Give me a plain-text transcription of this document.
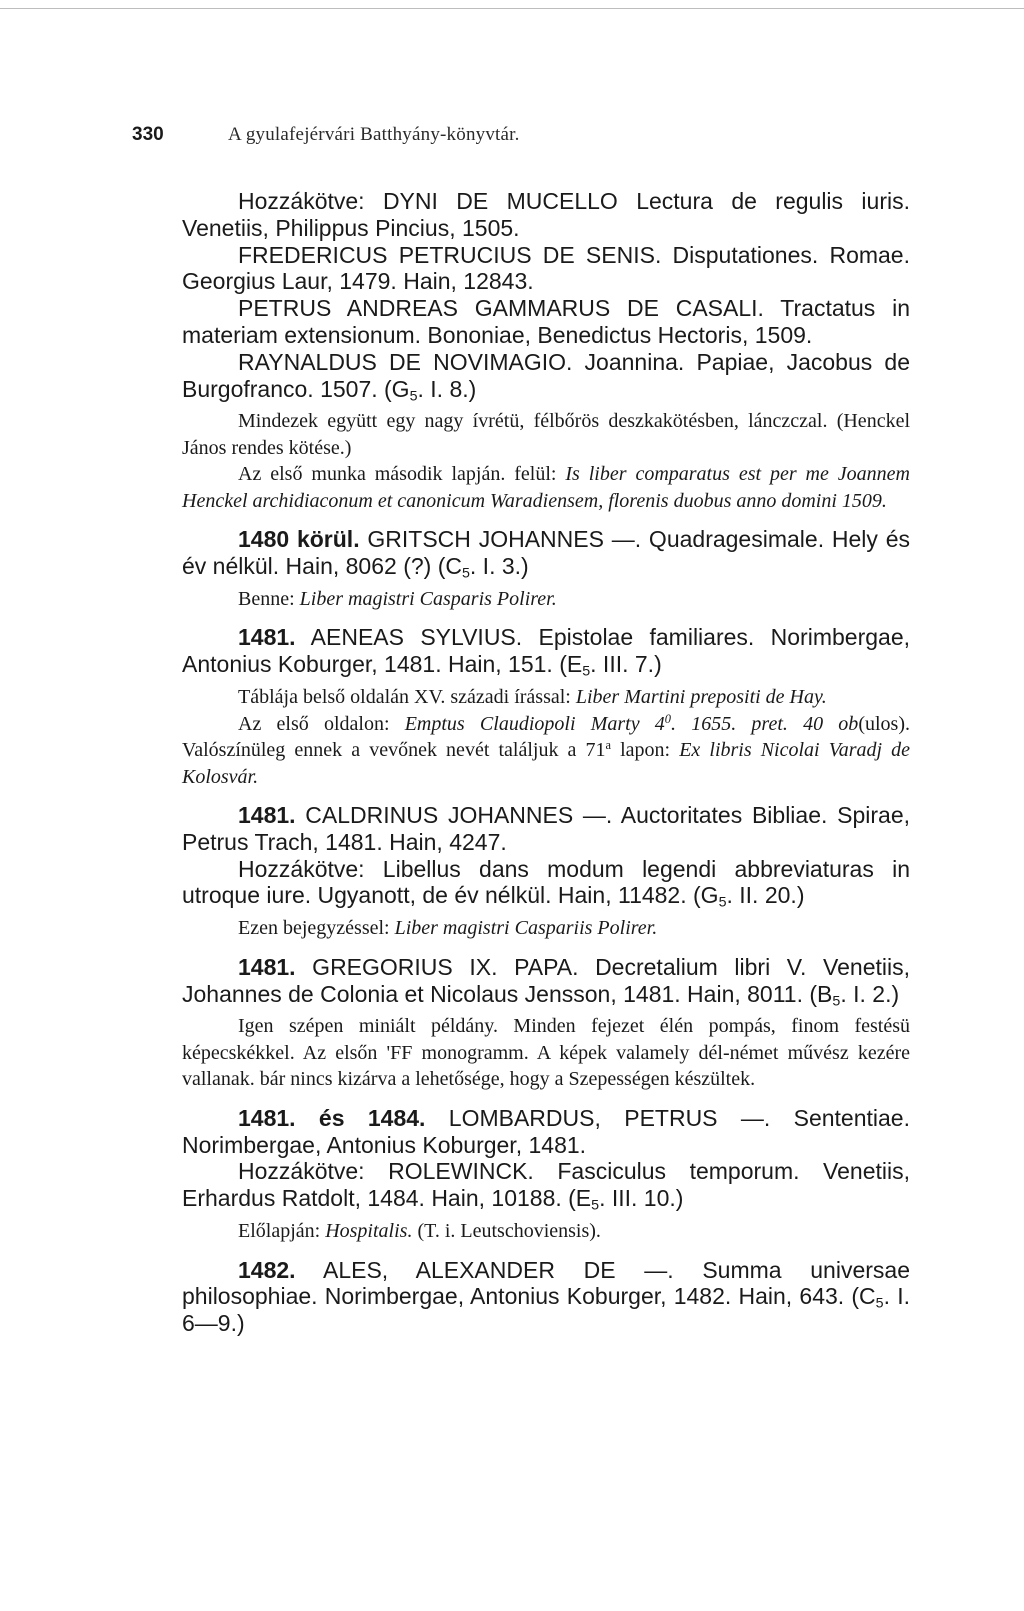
330	A gyulafejérvári Batthyány-könyvtár.

Hozzákötve: DYNI DE MUCELLO Lectura de regulis iuris. Venetiis, Philippus Pincius, 1505.

FREDERICUS PETRUCIUS DE SENIS. Disputationes. Romae. Georgius Laur, 1479. Hain, 12843.

PETRUS ANDREAS GAMMARUS DE CASALI. Tractatus in materiam extensionum. Bononiae, Benedictus Hectoris, 1509.

RAYNALDUS DE NOVIMAGIO. Joannina. Papiae, Jacobus de Burgofranco. 1507. ($G_5$. I. 8.)

Mindezek együtt egy nagy ívrétü, félbőrös deszkakötésben, lánczczal. (Henckel János rendes kötése.)

Az első munka második lapján. felül: Is liber comparatus est per me Joannem Henckel archidiaconum et canonicum Waradiensem, florenis duobus anno domini 1509.

1480 körül. GRITSCH JOHANNES —. Quadragesimale. Hely és év nélkül. Hain, 8062 (?) ($C_5$. I. 3.)

Benne: Liber magistri Casparis Polirer.

1481. AENEAS SYLVIUS. Epistolae familiares. Norimbergae, Antonius Koburger, 1481. Hain, 151. ($E_5$. III. 7.)

Táblája belső oldalán XV. századi írással: Liber Martini prepositi de Hay.

Az első oldalon: Emptus Claudiopoli Marty $4^0$. 1655. pret. 40 ob(ulos). Valószínüleg ennek a vevőnek nevét találjuk a 71$^a$ lapon: Ex libris Nicolai Varadj de Kolosvár.

1481. CALDRINUS JOHANNES —. Auctoritates Bibliae. Spirae, Petrus Trach, 1481. Hain, 4247.

Hozzákötve: Libellus dans modum legendi abbreviaturas in utroque iure. Ugyanott, de év nélkül. Hain, 11482. ($G_5$. II. 20.)

Ezen bejegyzéssel: Liber magistri Caspariis Polirer.

1481. GREGORIUS IX. PAPA. Decretalium libri V. Venetiis, Johannes de Colonia et Nicolaus Jensson, 1481. Hain, 8011. ($B_5$. I. 2.)

Igen szépen miniált példány. Minden fejezet élén pompás, finom festésü képecskékkel. Az elsőn 'FF monogramm. A képek valamely dél-német művész kezére vallanak. bár nincs kizárva a lehetősége, hogy a Szepességen készültek.

1481. és 1484. LOMBARDUS, PETRUS —. Sententiae. Norimbergae, Antonius Koburger, 1481.

Hozzákötve: ROLEWINCK. Fasciculus temporum. Venetiis, Erhardus Ratdolt, 1484. Hain, 10188. ($E_5$. III. 10.)

Előlapján: Hospitalis. (T. i. Leutschoviensis).

1482. ALES, ALEXANDER DE —. Summa universae philosophiae. Norimbergae, Antonius Koburger, 1482. Hain, 643. ($C_5$. I. 6—9.)
